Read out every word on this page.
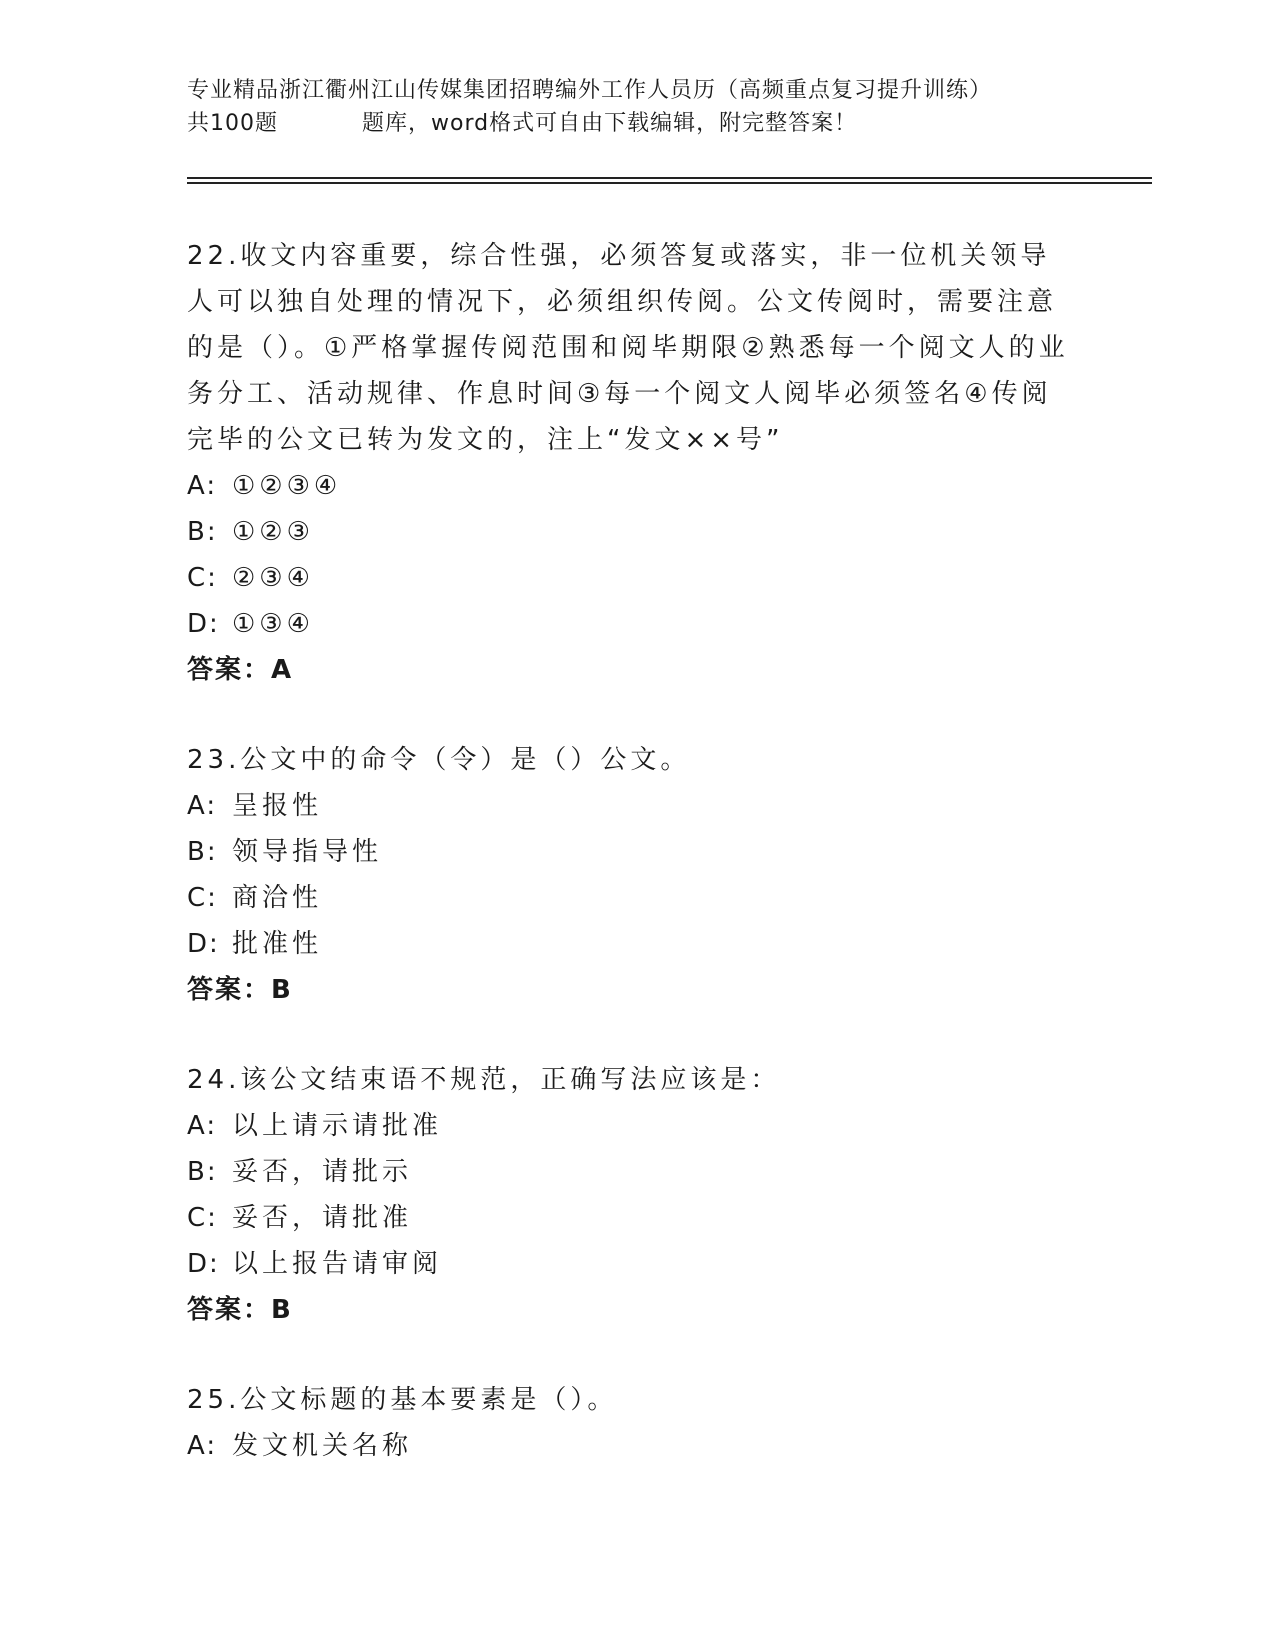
专业精品浙江衢州江山传媒集团招聘编外工作人员历（高频重点复习提升训练）
共100题	题库，word格式可自由下载编辑，附完整答案！

22.收文内容重要，综合性强，必须答复或落实，非一位机关领导人可以独自处理的情况下，必须组织传阅。公文传阅时，需要注意的是（）。①严格掌握传阅范围和阅毕期限②熟悉每一个阅文人的业务分工、活动规律、作息时间③每一个阅文人阅毕必须签名④传阅完毕的公文已转为发文的，注上“发文××号”

A: ①②③④
B: ①②③
C: ②③④
D: ①③④
答案：A

23.公文中的命令（令）是（）公文。

A: 呈报性
B: 领导指导性
C: 商洽性
D: 批准性
答案：B

24.该公文结束语不规范，正确写法应该是：

A: 以上请示请批准
B: 妥否，请批示
C: 妥否，请批准
D: 以上报告请审阅
答案：B

25.公文标题的基本要素是（）。

A: 发文机关名称
